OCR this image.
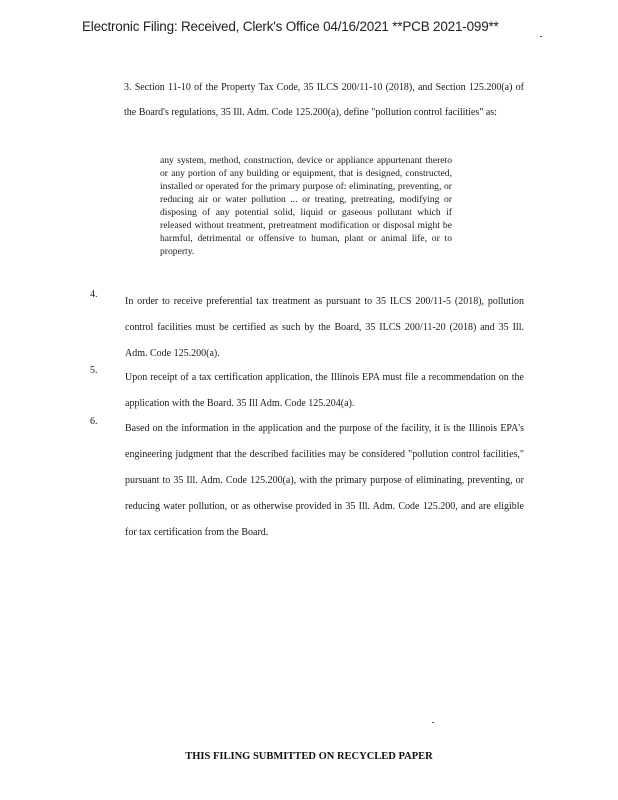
Electronic Filing: Received, Clerk's Office 04/16/2021 **PCB 2021-099**
3. Section 11-10 of the Property Tax Code, 35 ILCS 200/11-10 (2018), and Section 125.200(a) of the Board's regulations, 35 Ill. Adm. Code 125.200(a), define "pollution control facilities" as:
any system, method, construction, device or appliance appurtenant thereto or any portion of any building or equipment, that is designed, constructed, installed or operated for the primary purpose of: eliminating, preventing, or reducing air or water pollution ... or treating, pretreating, modifying or disposing of any potential solid, liquid or gaseous pollutant which if released without treatment, pretreatment modification or disposal might be harmful, detrimental or offensive to human, plant or animal life, or to property.
4.
In order to receive preferential tax treatment as pursuant to 35 ILCS 200/11-5 (2018), pollution control facilities must be certified as such by the Board, 35 ILCS 200/11-20 (2018) and 35 Ill. Adm. Code 125.200(a).
5.
Upon receipt of a tax certification application, the Illinois EPA must file a recommendation on the application with the Board. 35 Ill Adm. Code 125.204(a).
6.
Based on the information in the application and the purpose of the facility, it is the Illinois EPA's engineering judgment that the described facilities may be considered "pollution control facilities," pursuant to 35 Ill. Adm. Code 125.200(a), with the primary purpose of eliminating, preventing, or reducing water pollution, or as otherwise provided in 35 Ill. Adm. Code 125.200, and are eligible for tax certification from the Board.
THIS FILING SUBMITTED ON RECYCLED PAPER
